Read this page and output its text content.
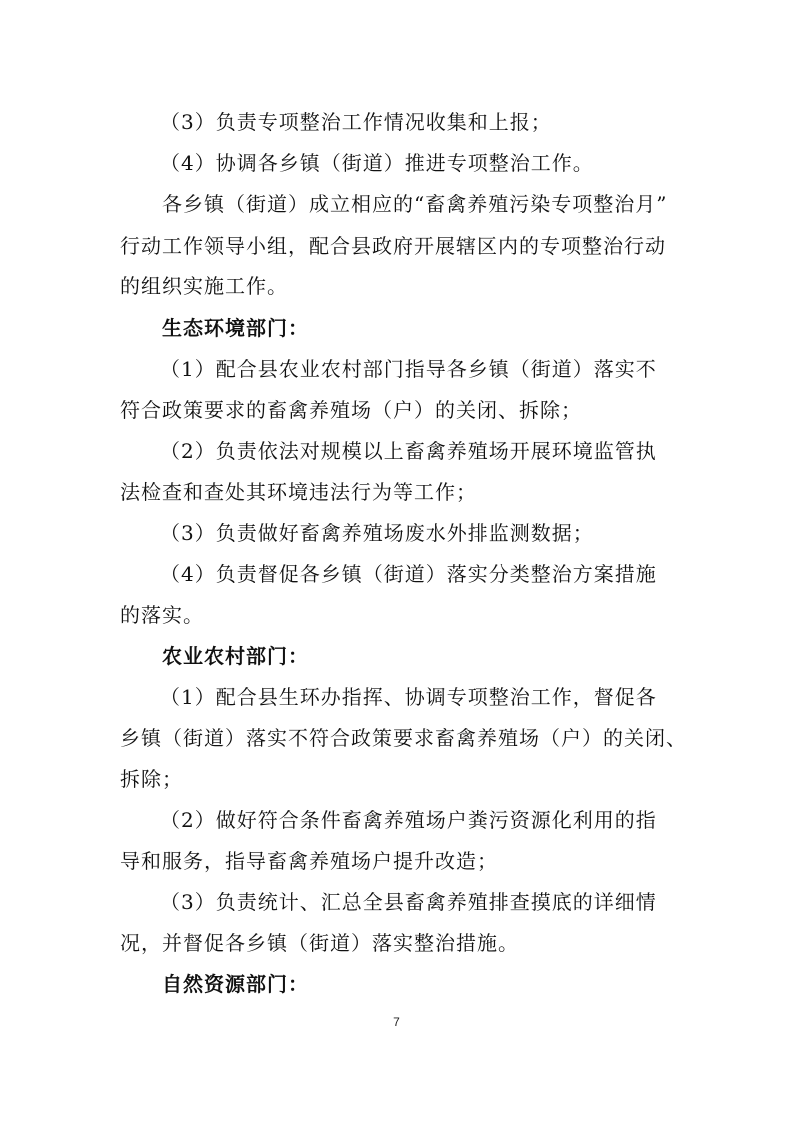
（3）负责专项整治工作情况收集和上报；
（4）协调各乡镇（街道）推进专项整治工作。
各乡镇（街道）成立相应的“畜禽养殖污染专项整治月”
行动工作领导小组，配合县政府开展辖区内的专项整治行动
的组织实施工作。
生态环境部门：
（1）配合县农业农村部门指导各乡镇（街道）落实不
符合政策要求的畜禽养殖场（户）的关闭、拆除；
（2）负责依法对规模以上畜禽养殖场开展环境监管执
法检查和查处其环境违法行为等工作；
（3）负责做好畜禽养殖场废水外排监测数据；
（4）负责督促各乡镇（街道）落实分类整治方案措施
的落实。
农业农村部门：
（1）配合县生环办指挥、协调专项整治工作，督促各
乡镇（街道）落实不符合政策要求畜禽养殖场（户）的关闭、
拆除；
（2）做好符合条件畜禽养殖场户粪污资源化利用的指
导和服务，指导畜禽养殖场户提升改造；
（3）负责统计、汇总全县畜禽养殖排查摸底的详细情
况，并督促各乡镇（街道）落实整治措施。
自然资源部门：
7
